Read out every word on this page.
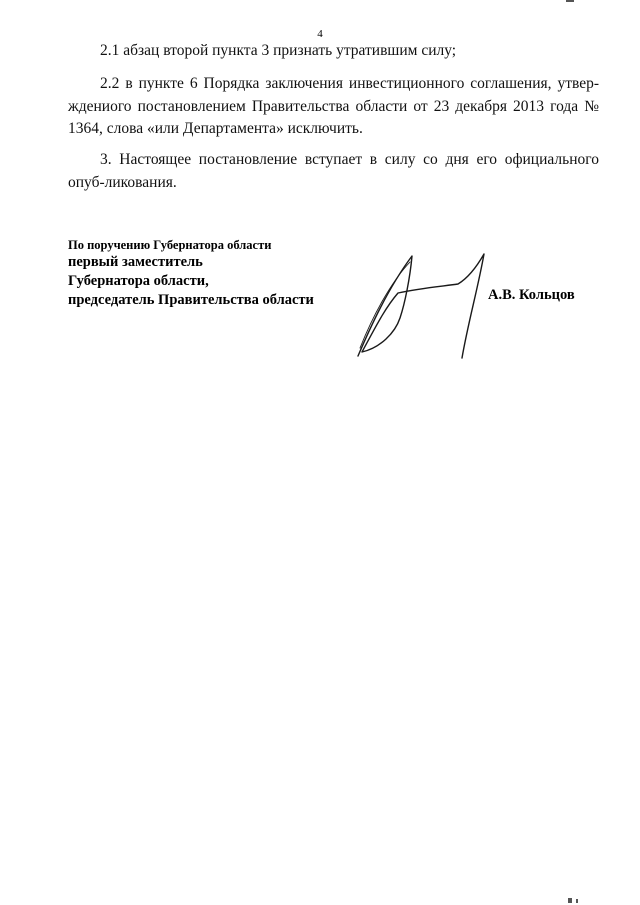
4

2.1 абзац второй пункта 3 признать утратившим силу;

2.2 в пункте 6 Порядка заключения инвестиционного соглашения, утвер-ждениого постановлением Правительства области от 23 декабря 2013 года № 1364, слова «или Департамента» исключить.

3. Настоящее постановление вступает в силу со дня его официального опуб-ликования.

По поручению Губернатора области

первый заместитель

Губернатора области,

председатель Правительства области	А.В. Кольцов
